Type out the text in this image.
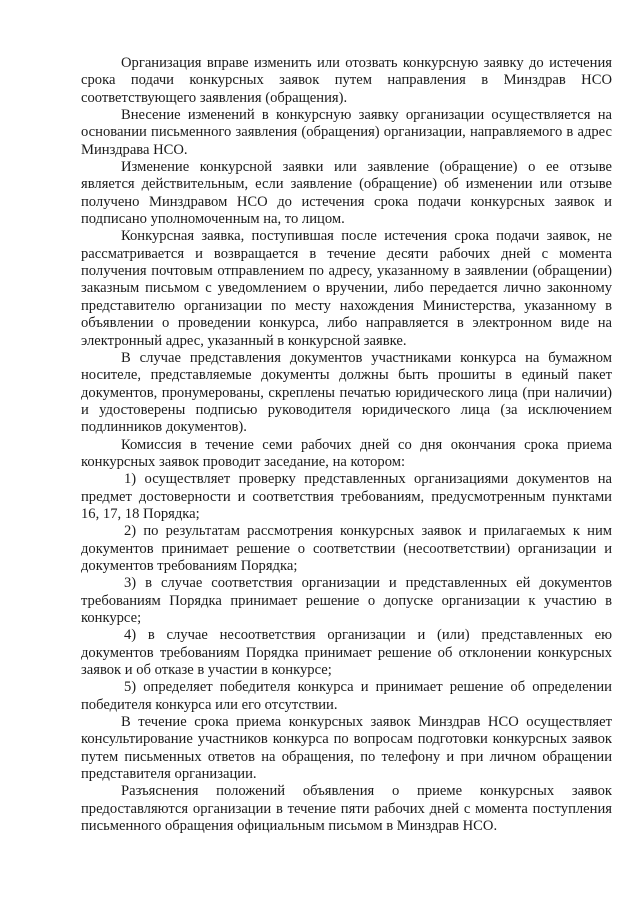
Организация вправе изменить или отозвать конкурсную заявку до истечения срока подачи конкурсных заявок путем направления в Минздрав НСО соответствующего заявления (обращения).

Внесение изменений в конкурсную заявку организации осуществляется на основании письменного заявления (обращения) организации, направляемого в адрес Минздрава НСО.

Изменение конкурсной заявки или заявление (обращение) о ее отзыве является действительным, если заявление (обращение) об изменении или отзыве получено Минздравом НСО до истечения срока подачи конкурсных заявок и подписано уполномоченным на, то лицом.

Конкурсная заявка, поступившая после истечения срока подачи заявок, не рассматривается и возвращается в течение десяти рабочих дней с момента получения почтовым отправлением по адресу, указанному в заявлении (обращении) заказным письмом с уведомлением о вручении, либо передается лично законному представителю организации по месту нахождения Министерства, указанному в объявлении о проведении конкурса, либо направляется в электронном виде на электронный адрес, указанный в конкурсной заявке.

В случае представления документов участниками конкурса на бумажном носителе, представляемые документы должны быть прошиты в единый пакет документов, пронумерованы, скреплены печатью юридического лица (при наличии) и удостоверены подписью руководителя юридического лица (за исключением подлинников документов).

Комиссия в течение семи рабочих дней со дня окончания срока приема конкурсных заявок проводит заседание, на котором:

1) осуществляет проверку представленных организациями документов на предмет достоверности и соответствия требованиям, предусмотренным пунктами 16, 17, 18 Порядка;

2) по результатам рассмотрения конкурсных заявок и прилагаемых к ним документов принимает решение о соответствии (несоответствии) организации и документов требованиям Порядка;

3) в случае соответствия организации и представленных ей документов требованиям Порядка принимает решение о допуске организации к участию в конкурсе;

4) в случае несоответствия организации и (или) представленных ею документов требованиям Порядка принимает решение об отклонении конкурсных заявок и об отказе в участии в конкурсе;

5) определяет победителя конкурса и принимает решение об определении победителя конкурса или его отсутствии.

В течение срока приема конкурсных заявок Минздрав НСО осуществляет консультирование участников конкурса по вопросам подготовки конкурсных заявок путем письменных ответов на обращения, по телефону и при личном обращении представителя организации.

Разъяснения положений объявления о приеме конкурсных заявок предоставляются организации в течение пяти рабочих дней с момента поступления письменного обращения официальным письмом в Минздрав НСО.
